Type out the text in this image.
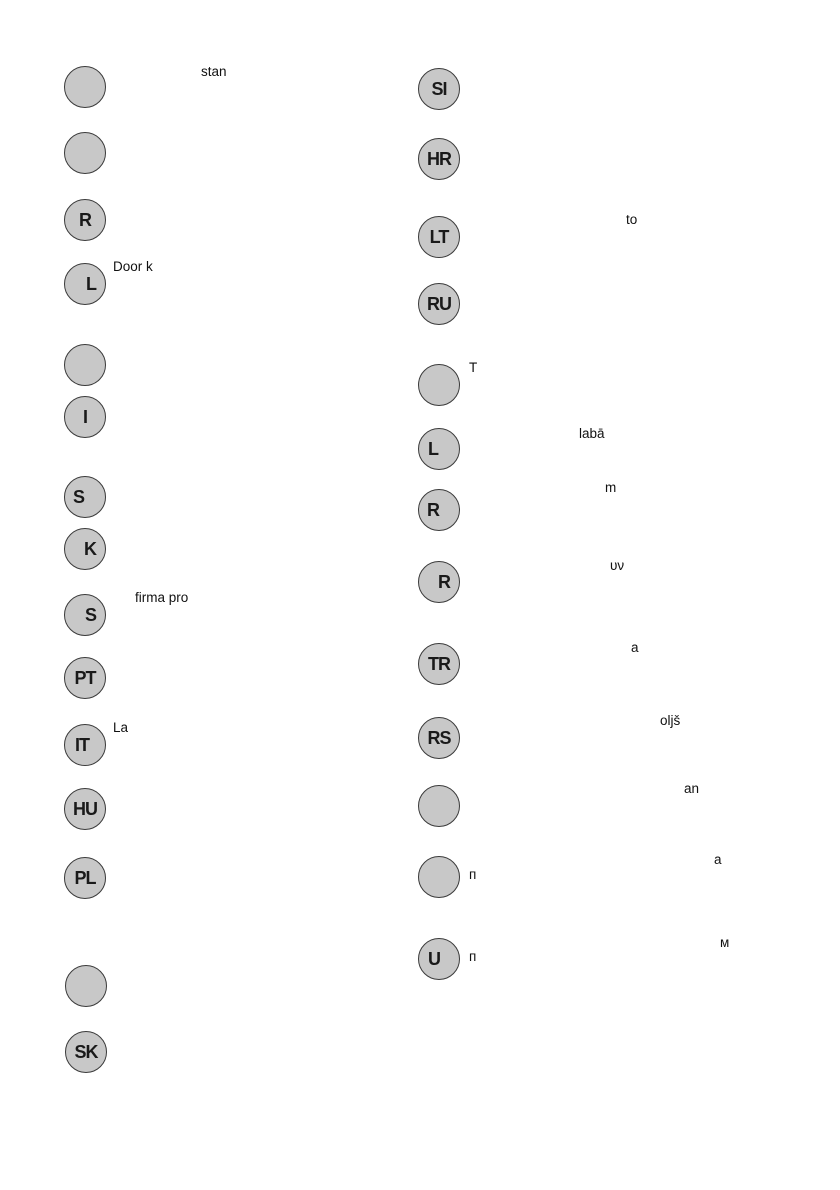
stan
R
L
Door k
I
S
K
S
firma pro
PT
IT
La
HU
PL
SK
SI
HR
LT
to
RU
T
L
labā
R
m
R
υν
TR
a
RS
olјš
an
а
п
U
м
п
